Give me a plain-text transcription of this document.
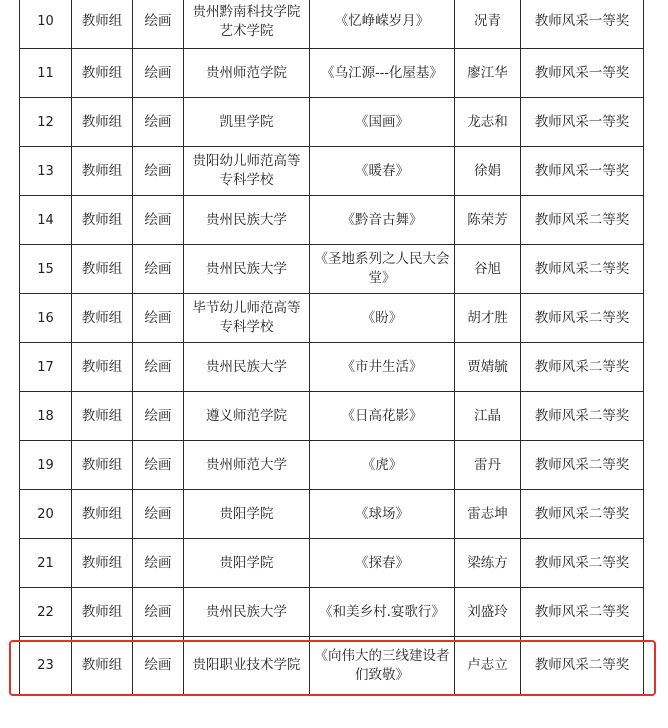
10	教师组	绘画	贵州黔南科技学院艺术学院	《忆峥嵘岁月》	况青	教师风采一等奖
11	教师组	绘画	贵州师范学院	《乌江源---化屋基》	廖江华	教师风采一等奖
12	教师组	绘画	凯里学院	《国画》	龙志和	教师风采一等奖
13	教师组	绘画	贵阳幼儿师范高等专科学校	《暖春》	徐娟	教师风采一等奖
14	教师组	绘画	贵州民族大学	《黔音古舞》	陈荣芳	教师风采二等奖
15	教师组	绘画	贵州民族大学	《圣地系列之人民大会堂》	谷旭	教师风采二等奖
16	教师组	绘画	毕节幼儿师范高等专科学校	《盼》	胡才胜	教师风采二等奖
17	教师组	绘画	贵州民族大学	《市井生活》	贾婧毓	教师风采二等奖
18	教师组	绘画	遵义师范学院	《日高花影》	江晶	教师风采二等奖
19	教师组	绘画	贵州师范大学	《虎》	雷丹	教师风采二等奖
20	教师组	绘画	贵阳学院	《球场》	雷志坤	教师风采二等奖
21	教师组	绘画	贵阳学院	《探春》	梁练方	教师风采二等奖
22	教师组	绘画	贵州民族大学	《和美乡村.宴歌行》	刘盛玲	教师风采二等奖
23	教师组	绘画	贵阳职业技术学院	《向伟大的三线建设者们致敬》	卢志立	教师风采二等奖
